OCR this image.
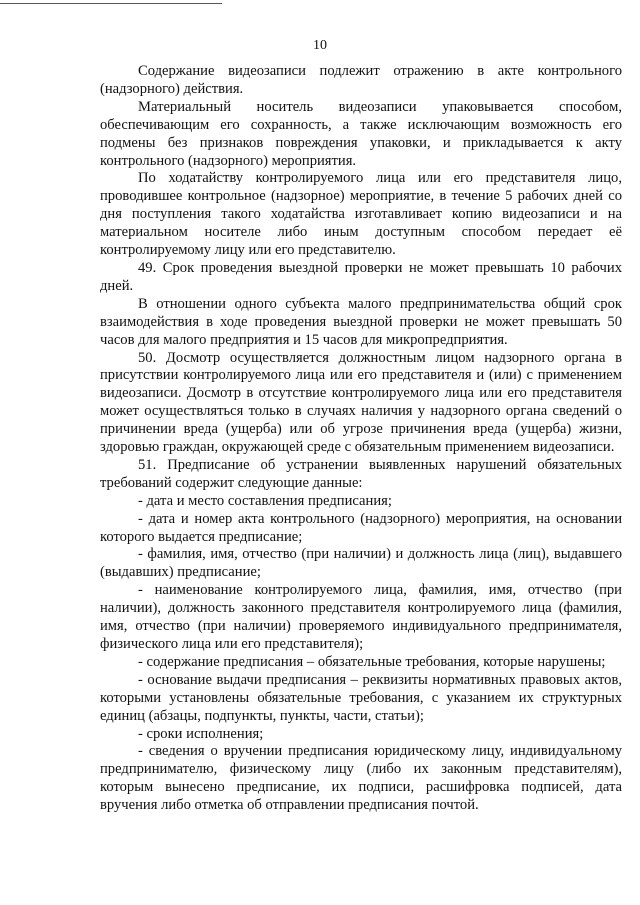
10

Содержание видеозаписи подлежит отражению в акте контрольного (надзорного) действия.

Материальный носитель видеозаписи упаковывается способом, обеспечивающим его сохранность, а также исключающим возможность его подмены без признаков повреждения упаковки, и прикладывается к акту контрольного (надзорного) мероприятия.

По ходатайству контролируемого лица или его представителя лицо, проводившее контрольное (надзорное) мероприятие, в течение 5 рабочих дней со дня поступления такого ходатайства изготавливает копию видеозаписи и на материальном носителе либо иным доступным способом передает её контролируемому лицу или его представителю.

49. Срок проведения выездной проверки не может превышать 10 рабочих дней.

В отношении одного субъекта малого предпринимательства общий срок взаимодействия в ходе проведения выездной проверки не может превышать 50 часов для малого предприятия и 15 часов для микропредприятия.

50. Досмотр осуществляется должностным лицом надзорного органа в присутствии контролируемого лица или его представителя и (или) с применением видеозаписи. Досмотр в отсутствие контролируемого лица или его представителя может осуществляться только в случаях наличия у надзорного органа сведений о причинении вреда (ущерба) или об угрозе причинения вреда (ущерба) жизни, здоровью граждан, окружающей среде с обязательным применением видеозаписи.

51. Предписание об устранении выявленных нарушений обязательных требований содержит следующие данные:

- дата и место составления предписания;

- дата и номер акта контрольного (надзорного) мероприятия, на основании которого выдается предписание;

- фамилия, имя, отчество (при наличии) и должность лица (лиц), выдавшего (выдавших) предписание;

- наименование контролируемого лица, фамилия, имя, отчество (при наличии), должность законного представителя контролируемого лица (фамилия, имя, отчество (при наличии) проверяемого индивидуального предпринимателя, физического лица или его представителя);

- содержание предписания – обязательные требования, которые нарушены;

- основание выдачи предписания – реквизиты нормативных правовых актов, которыми установлены обязательные требования, с указанием их структурных единиц (абзацы, подпункты, пункты, части, статьи);

- сроки исполнения;

- сведения о вручении предписания юридическому лицу, индивидуальному предпринимателю, физическому лицу (либо их законным представителям), которым вынесено предписание, их подписи, расшифровка подписей, дата вручения либо отметка об отправлении предписания почтой.
